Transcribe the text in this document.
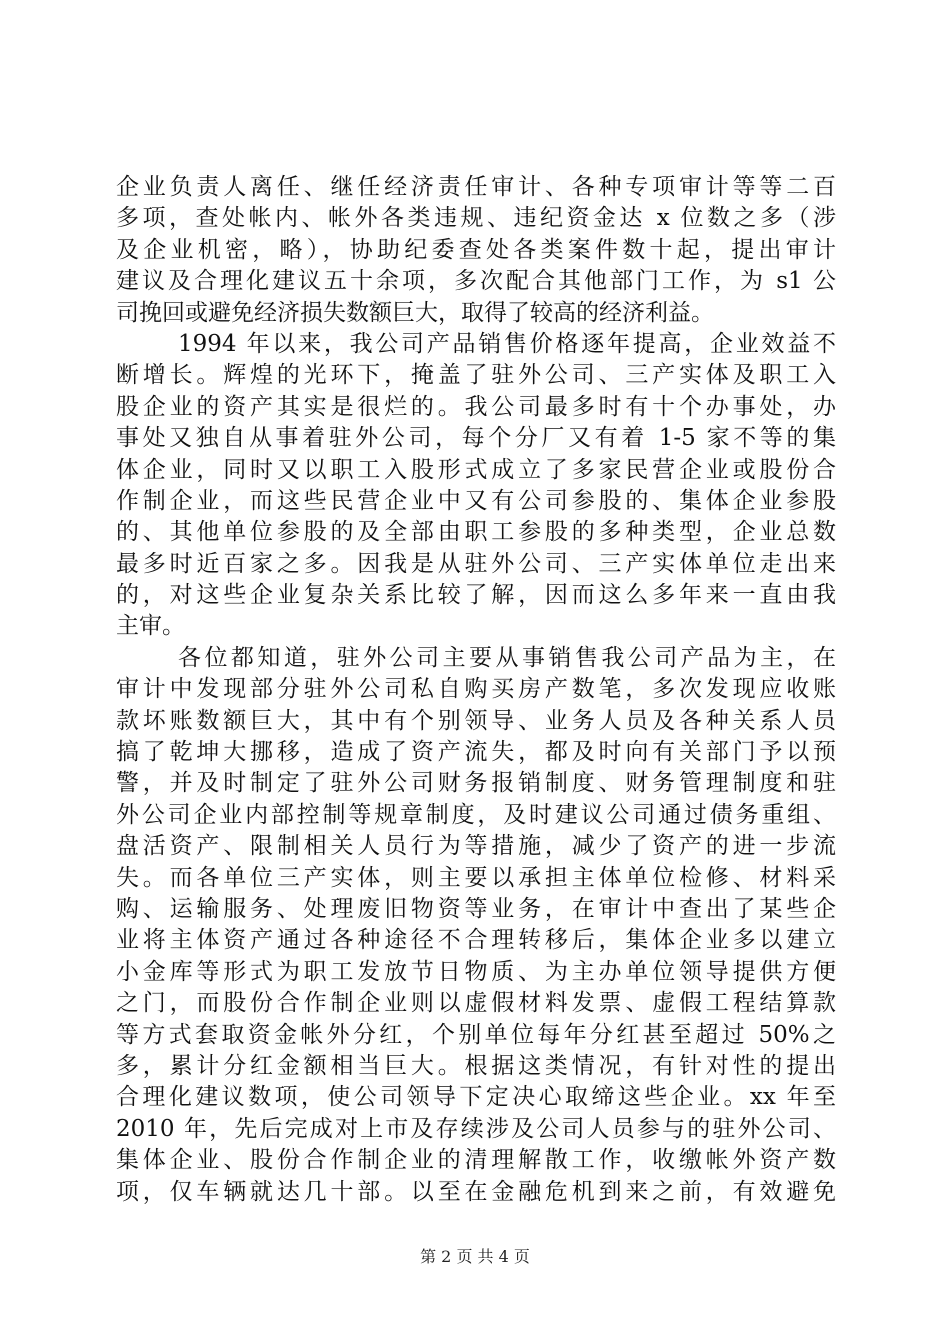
企业负责人离任、继任经济责任审计、各种专项审计等等二百
多项，查处帐内、帐外各类违规、违纪资金达 x 位数之多（涉
及企业机密，略），协助纪委查处各类案件数十起，提出审计
建议及合理化建议五十余项，多次配合其他部门工作，为 s1 公
司挽回或避免经济损失数额巨大，取得了较高的经济利益。
1994 年以来，我公司产品销售价格逐年提高，企业效益不
断增长。辉煌的光环下，掩盖了驻外公司、三产实体及职工入
股企业的资产其实是很烂的。我公司最多时有十个办事处，办
事处又独自从事着驻外公司，每个分厂又有着 1-5 家不等的集
体企业，同时又以职工入股形式成立了多家民营企业或股份合
作制企业，而这些民营企业中又有公司参股的、集体企业参股
的、其他单位参股的及全部由职工参股的多种类型，企业总数
最多时近百家之多。因我是从驻外公司、三产实体单位走出来
的，对这些企业复杂关系比较了解，因而这么多年来一直由我
主审。
各位都知道，驻外公司主要从事销售我公司产品为主，在
审计中发现部分驻外公司私自购买房产数笔，多次发现应收账
款坏账数额巨大，其中有个别领导、业务人员及各种关系人员
搞了乾坤大挪移，造成了资产流失，都及时向有关部门予以预
警，并及时制定了驻外公司财务报销制度、财务管理制度和驻
外公司企业内部控制等规章制度，及时建议公司通过债务重组、
盘活资产、限制相关人员行为等措施，减少了资产的进一步流
失。而各单位三产实体，则主要以承担主体单位检修、材料采
购、运输服务、处理废旧物资等业务，在审计中查出了某些企
业将主体资产通过各种途径不合理转移后，集体企业多以建立
小金库等形式为职工发放节日物质、为主办单位领导提供方便
之门，而股份合作制企业则以虚假材料发票、虚假工程结算款
等方式套取资金帐外分红，个别单位每年分红甚至超过 50%之
多，累计分红金额相当巨大。根据这类情况，有针对性的提出
合理化建议数项，使公司领导下定决心取缔这些企业。xx 年至
2010 年，先后完成对上市及存续涉及公司人员参与的驻外公司、
集体企业、股份合作制企业的清理解散工作，收缴帐外资产数
项，仅车辆就达几十部。以至在金融危机到来之前，有效避免
第 2 页 共 4 页
